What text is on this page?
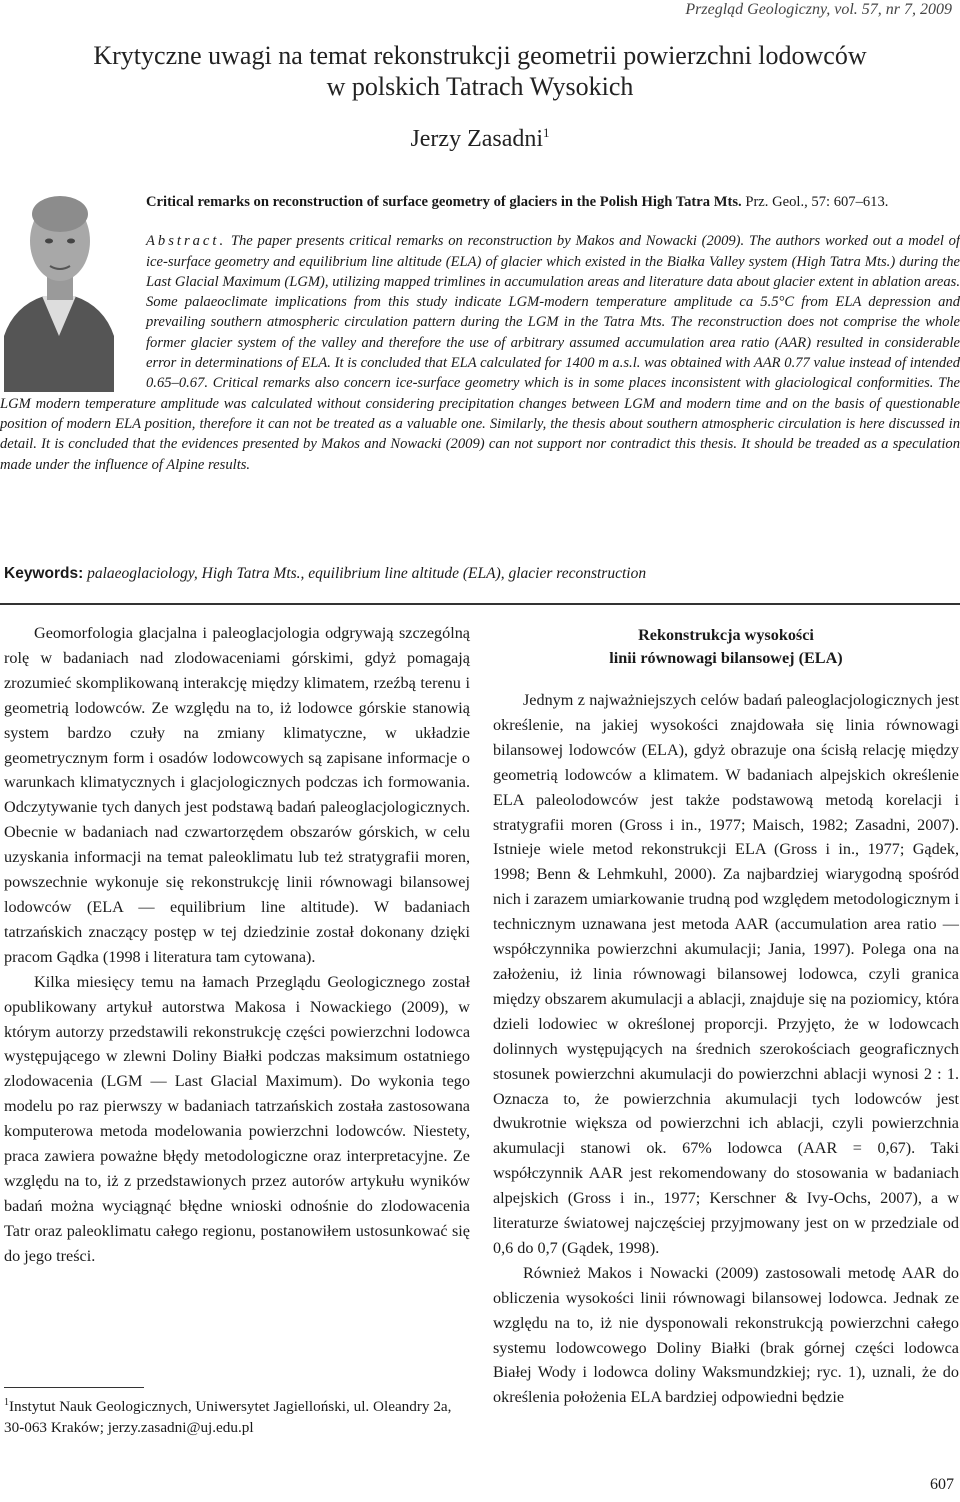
Przegląd Geologiczny, vol. 57, nr 7, 2009
Krytyczne uwagi na temat rekonstrukcji geometrii powierzchni lodowców
w polskich Tatrach Wysokich
Jerzy Zasadni$^1$

Critical remarks on reconstruction of surface geometry of glaciers in the Polish High Tatra Mts. Prz. Geol., 57: 607–613.

Abstract. The paper presents critical remarks on reconstruction by Makos and Nowacki (2009). The authors worked out a model of ice-surface geometry and equilibrium line altitude (ELA) of glacier which existed in the Białka Valley system (High Tatra Mts.) during the Last Glacial Maximum (LGM), utilizing mapped trimlines in accumulation areas and literature data about glacier extent in ablation areas. Some palaeoclimate implications from this study indicate LGM-modern temperature amplitude ca 5.5°C from ELA depression and prevailing southern atmospheric circulation pattern during the LGM in the Tatra Mts. The reconstruction does not comprise the whole former glacier system of the valley and therefore the use of arbitrary assumed accumulation area ratio (AAR) resulted in considerable error in determinations of ELA. It is concluded that ELA calculated for 1400 m a.s.l. was obtained with AAR 0.77 value instead of intended 0.65–0.67. Critical remarks also concern ice-surface geometry which is in some places inconsistent with glaciological conformities. The LGM modern temperature amplitude was calculated without considering precipitation changes between LGM and modern time and on the basis of questionable position of modern ELA position, therefore it can not be treated as a valuable one. Similarly, the thesis about southern atmospheric circulation is here discussed in detail. It is concluded that the evidences presented by Makos and Nowacki (2009) can not support nor contradict this thesis. It should be treaded as a speculation made under the influence of Alpine results.

Keywords: palaeoglaciology, High Tatra Mts., equilibrium line altitude (ELA), glacier reconstruction

Geomorfologia glacjalna i paleoglacjologia odgrywają szczególną rolę w badaniach nad zlodowaceniami górskimi, gdyż pomagają zrozumieć skomplikowaną interakcję między klimatem, rzeźbą terenu i geometrią lodowców. Ze względu na to, iż lodowce górskie stanowią system bardzo czuły na zmiany klimatyczne, w układzie geometrycznym form i osadów lodowcowych są zapisane informacje o warunkach klimatycznych i glacjologicznych podczas ich formowania. Odczytywanie tych danych jest podstawą badań paleoglacjologicznych. Obecnie w badaniach nad czwartorzędem obszarów górskich, w celu uzyskania informacji na temat paleoklimatu lub też stratygrafii moren, powszechnie wykonuje się rekonstrukcję linii równowagi bilansowej lodowców (ELA — equilibrium line altitude). W badaniach tatrzańskich znaczący postęp w tej dziedzinie został dokonany dzięki pracom Gądka (1998 i literatura tam cytowana).

Kilka miesięcy temu na łamach Przeglądu Geologicznego został opublikowany artykuł autorstwa Makosa i Nowackiego (2009), w którym autorzy przedstawili rekonstrukcję części powierzchni lodowca występującego w zlewni Doliny Białki podczas maksimum ostatniego zlodowacenia (LGM — Last Glacial Maximum). Do wykonia tego modelu po raz pierwszy w badaniach tatrzańskich została zastosowana komputerowa metoda modelowania powierzchni lodowców. Niestety, praca zawiera poważne błędy metodologiczne oraz interpretacyjne. Ze względu na to, iż z przedstawionych przez autorów artykułu wyników badań można wyciągnąć błędne wnioski odnośnie do zlodowacenia Tatr oraz paleoklimatu całego regionu, postanowiłem ustosunkować się do jego treści.

$^1$Instytut Nauk Geologicznych, Uniwersytet Jagielloński, ul. Oleandry 2a, 30-063 Kraków; jerzy.zasadni@uj.edu.pl
Rekonstrukcja wysokości
linii równowagi bilansowej (ELA)

Jednym z najważniejszych celów badań paleoglacjologicznych jest określenie, na jakiej wysokości znajdowała się linia równowagi bilansowej lodowców (ELA), gdyż obrazuje ona ścisłą relację między geometrią lodowców a klimatem. W badaniach alpejskich określenie ELA paleolodowców jest także podstawową metodą korelacji i stratygrafii moren (Gross i in., 1977; Maisch, 1982; Zasadni, 2007). Istnieje wiele metod rekonstrukcji ELA (Gross i in., 1977; Gądek, 1998; Benn & Lehmkuhl, 2000). Za najbardziej wiarygodną spośród nich i zarazem umiarkowanie trudną pod względem metodologicznym i technicznym uznawana jest metoda AAR (accumulation area ratio — współczynnika powierzchni akumulacji; Jania, 1997). Polega ona na założeniu, iż linia równowagi bilansowej lodowca, czyli granica między obszarem akumulacji a ablacji, znajduje się na poziomicy, która dzieli lodowiec w określonej proporcji. Przyjęto, że w lodowcach dolinnych występujących na średnich szerokościach geograficznych stosunek powierzchni akumulacji do powierzchni ablacji wynosi 2 : 1. Oznacza to, że powierzchnia akumulacji tych lodowców jest dwukrotnie większa od powierzchni ich ablacji, czyli powierzchnia akumulacji stanowi ok. 67% lodowca (AAR = 0,67). Taki współczynnik AAR jest rekomendowany do stosowania w badaniach alpejskich (Gross i in., 1977; Kerschner & Ivy-Ochs, 2007), a w literaturze światowej najczęściej przyjmowany jest on w przedziale od 0,6 do 0,7 (Gądek, 1998).

Również Makos i Nowacki (2009) zastosowali metodę AAR do obliczenia wysokości linii równowagi bilansowej lodowca. Jednak ze względu na to, iż nie dysponowali rekonstrukcją powierzchni całego systemu lodowcowego Doliny Białki (brak górnej części lodowca Białej Wody i lodowca doliny Waksmundzkiej; ryc. 1), uznali, że do określenia położenia ELA bardziej odpowiedni będzie

607
